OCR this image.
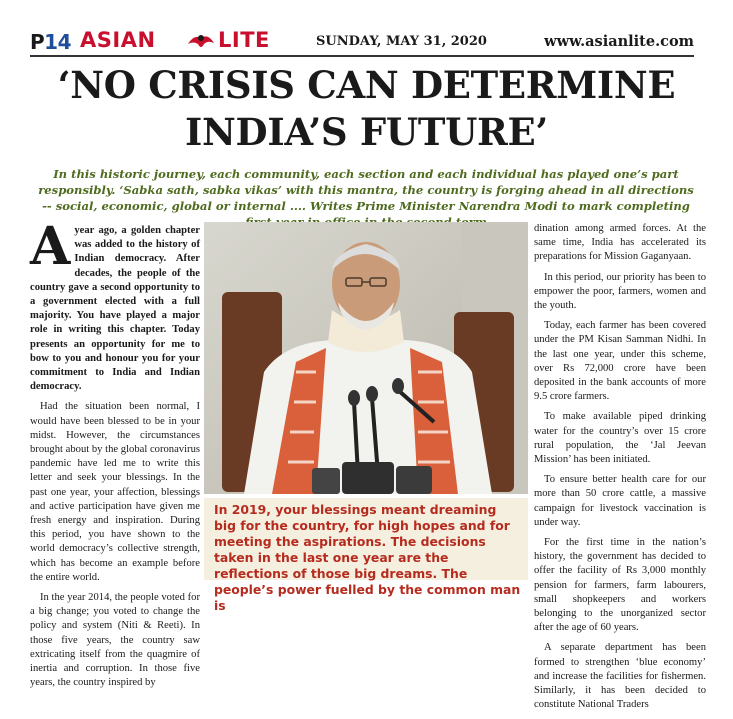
P14 ASIAN	LITE	SUNDAY, MAY 31, 2020	www.asianlite.com
‘NO CRISIS CAN DETERMINE
INDIA’S FUTURE’
In this historic journey, each community, each section and each individual has played one’s part responsibly. ‘Sabka sath, sabka vikas’ with this mantra, the country is forging ahead in all directions -- social, economic, global or internal .... Writes Prime Minister Narendra Modi to mark completing

Ayear ago, a golden chapter was added to the history of Indian democracy. After decades, the people of the country gave a second opportunity to a government elected with a full majority. You have played a major role in writing this chapter. Today presents an opportunity for me to bow to you and honour you for your commitment to India and Indian democracy.

Had the situation been normal, I would have been blessed to be in your midst. However, the circumstances brought about by the global coronavirus pandemic have led me to write this letter and seek your blessings. In the past one year, your affection, blessings and active participation have given me fresh energy and inspiration. During this period, you have shown to the world democracy’s collective strength, which has become an example before the entire world.

In the year 2014, the people voted for a big change; you voted to change the policy and system (Niti & Reeti). In those five years, the country saw extricating itself from the quagmire of inertia and corruption. In those five years, the country inspired by

In 2019, your blessings meant dreaming big for the country, for high hopes and for meeting the aspirations. The decisions taken in the last one year are the reflections of those big dreams. The people’s power fuelled by the common man is

dination among armed forces. At the same time, India has accelerated its preparations for Mission Gaganyaan.

In this period, our priority has been to empower the poor, farmers, women and the youth.

Today, each farmer has been covered under the PM Kisan Samman Nidhi. In the last one year, under this scheme, over Rs 72,000 crore have been deposited in the bank accounts of more 9.5 crore farmers.

To make available piped drinking water for the country’s over 15 crore rural population, the ‘Jal Jeevan Mission’ has been initiated.

To ensure better health care for our more than 50 crore cattle, a massive campaign for livestock vaccination is under way.

For the first time in the nation’s history, the government has decided to offer the facility of Rs 3,000 monthly pension for farmers, farm labourers, small shopkeepers and workers belonging to the unorganized sector after the age of 60 years.

A separate department has been formed to strengthen ‘blue economy’ and increase the facilities for fishermen. Similarly, it has been decided to constitute National Traders
